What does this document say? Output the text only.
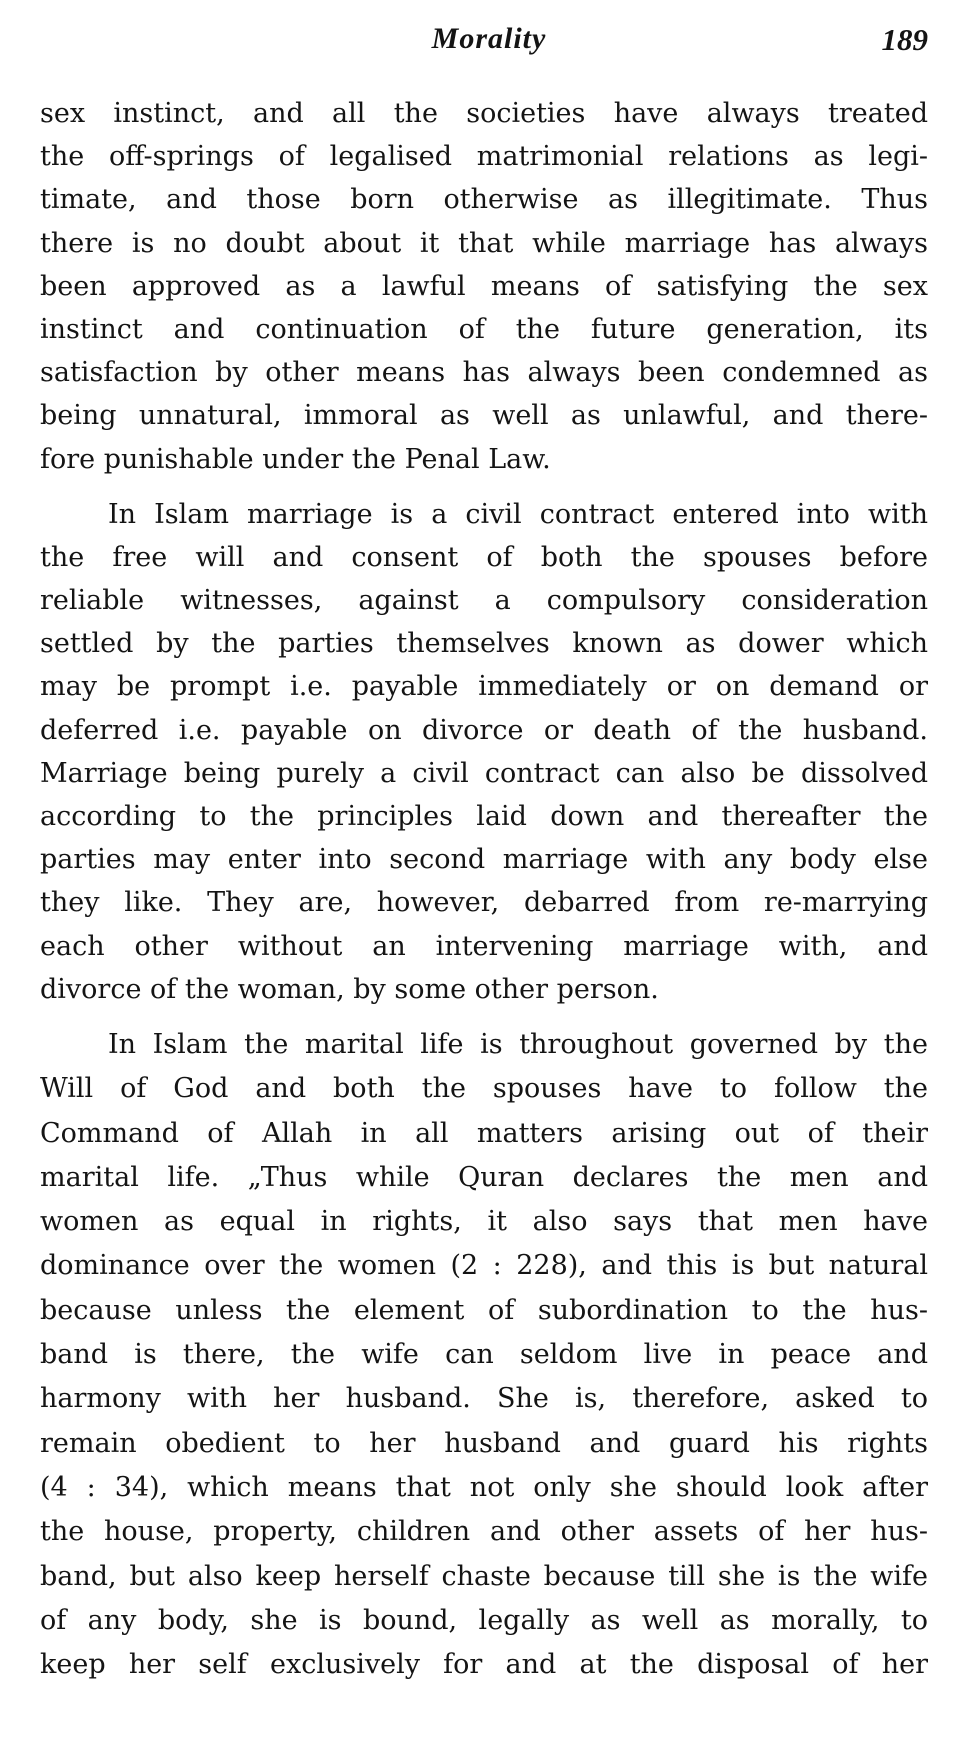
Morality	189
sex instinct, and all the societies have always treated
the off-springs of legalised matrimonial relations as legi-
timate, and those born otherwise as illegitimate. Thus
there is no doubt about it that while marriage has always
been approved as a lawful means of satisfying the sex
instinct and continuation of the future generation, its
satisfaction by other means has always been condemned as
being unnatural, immoral as well as unlawful, and there-
fore punishable under the Penal Law.
In Islam marriage is a civil contract entered into with
the free will and consent of both the spouses before
reliable witnesses, against a compulsory consideration
settled by the parties themselves known as dower which
may be prompt i.e. payable immediately or on demand or
deferred i.e. payable on divorce or death of the husband.
Marriage being purely a civil contract can also be dissolved
according to the principles laid down and thereafter the
parties may enter into second marriage with any body else
they like. They are, however, debarred from re-marrying
each other without an intervening marriage with, and
divorce of the woman, by some other person.
In Islam the marital life is throughout governed by the
Will of God and both the spouses have to follow the
Command of Allah in all matters arising out of their
marital life. „Thus while Quran declares the men and
women as equal in rights, it also says that men have
dominance over the women (2 : 228), and this is but natural
because unless the element of subordination to the hus-
band is there, the wife can seldom live in peace and
harmony with her husband. She is, therefore, asked to
remain obedient to her husband and guard his rights
(4 : 34), which means that not only she should look after
the house, property, children and other assets of her hus-
band, but also keep herself chaste because till she is the wife
of any body, she is bound, legally as well as morally, to
keep her self exclusively for and at the disposal of her
